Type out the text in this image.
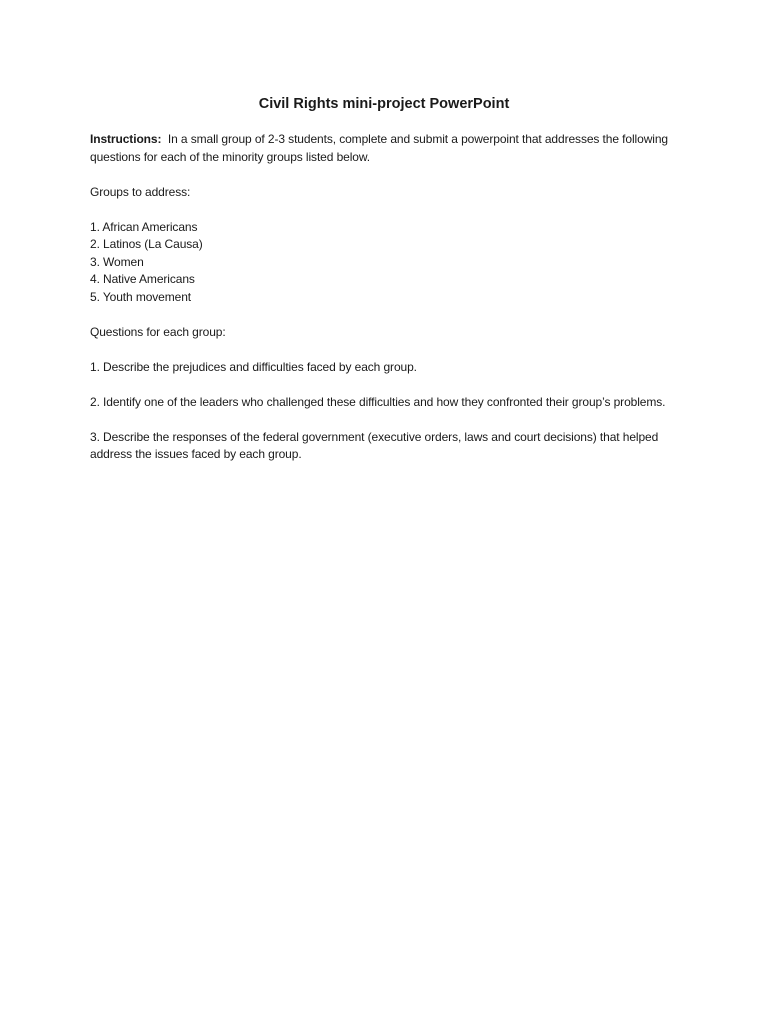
Civil Rights mini-project PowerPoint

Instructions:  In a small group of 2-3 students, complete and submit a powerpoint that addresses the following questions for each of the minority groups listed below.

Groups to address:

1. African Americans

2. Latinos (La Causa)

3. Women

4. Native Americans

5. Youth movement

Questions for each group:

1. Describe the prejudices and difficulties faced by each group.

2. Identify one of the leaders who challenged these difficulties and how they confronted their group’s problems.

3. Describe the responses of the federal government (executive orders, laws and court decisions) that helped address the issues faced by each group.
